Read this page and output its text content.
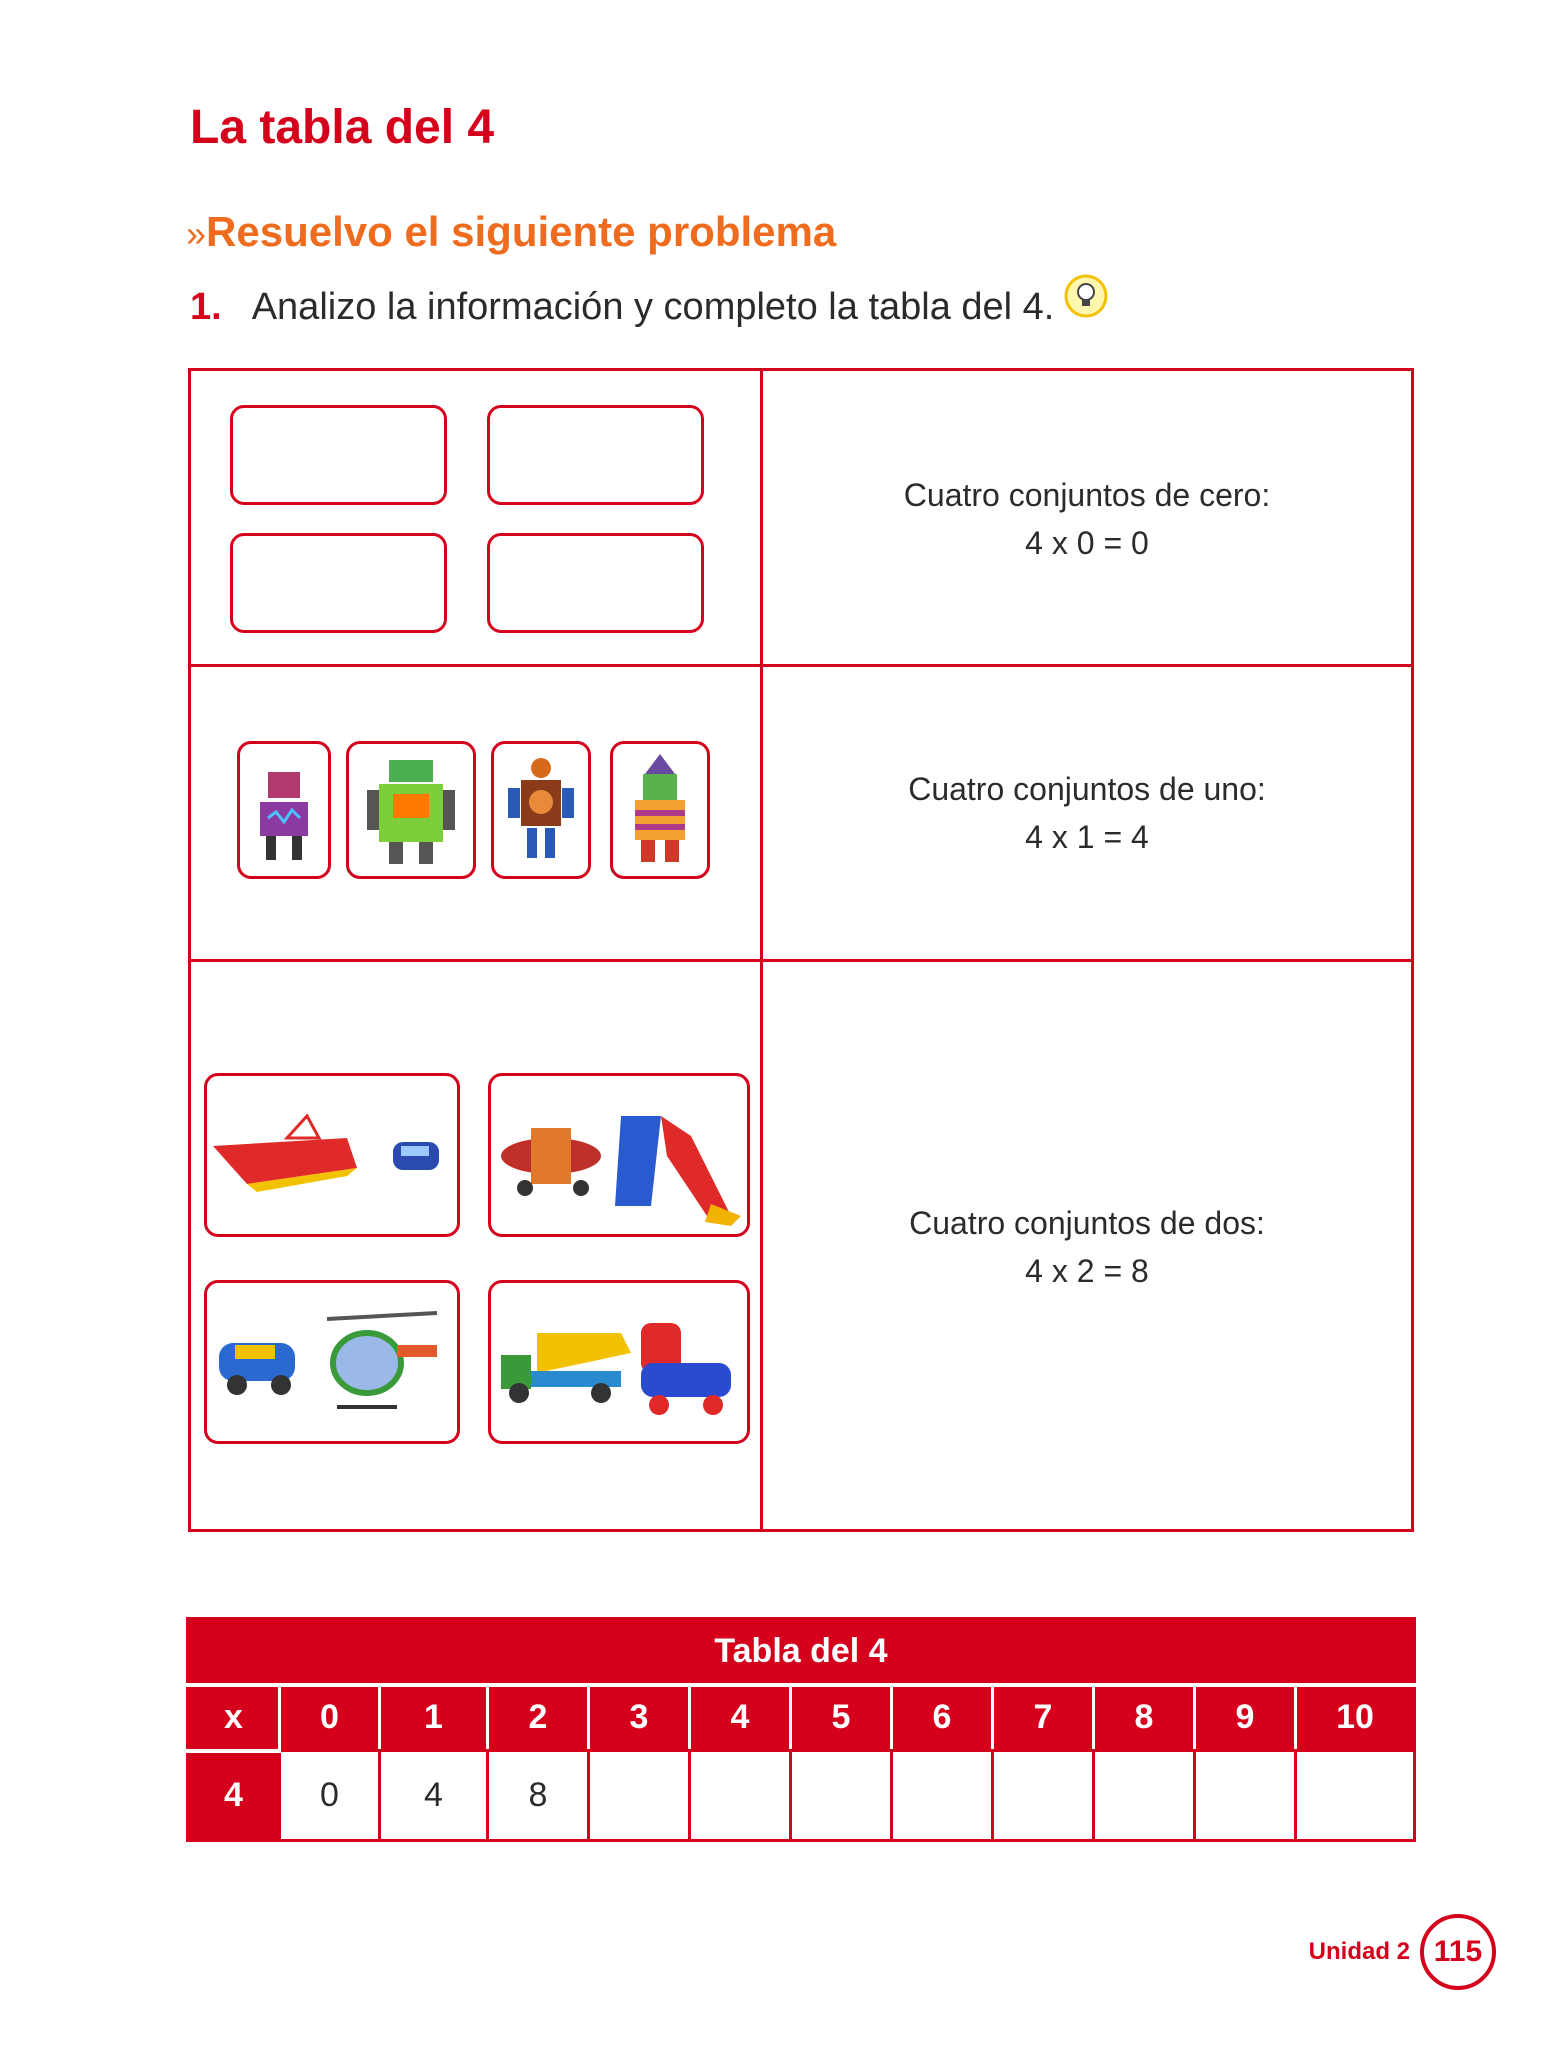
La tabla del 4
»Resuelvo el siguiente problema
1. Analizo la información y completo la tabla del 4.
Cuatro conjuntos de cero:
4 x 0 = 0
Cuatro conjuntos de uno:
4 x 1 = 4
Cuatro conjuntos de dos:
4 x 2 = 8
Tabla del 4											
x	0	1	2	3	4	5	6	7	8	9	10
4	0	4	8								
Unidad 2 115
